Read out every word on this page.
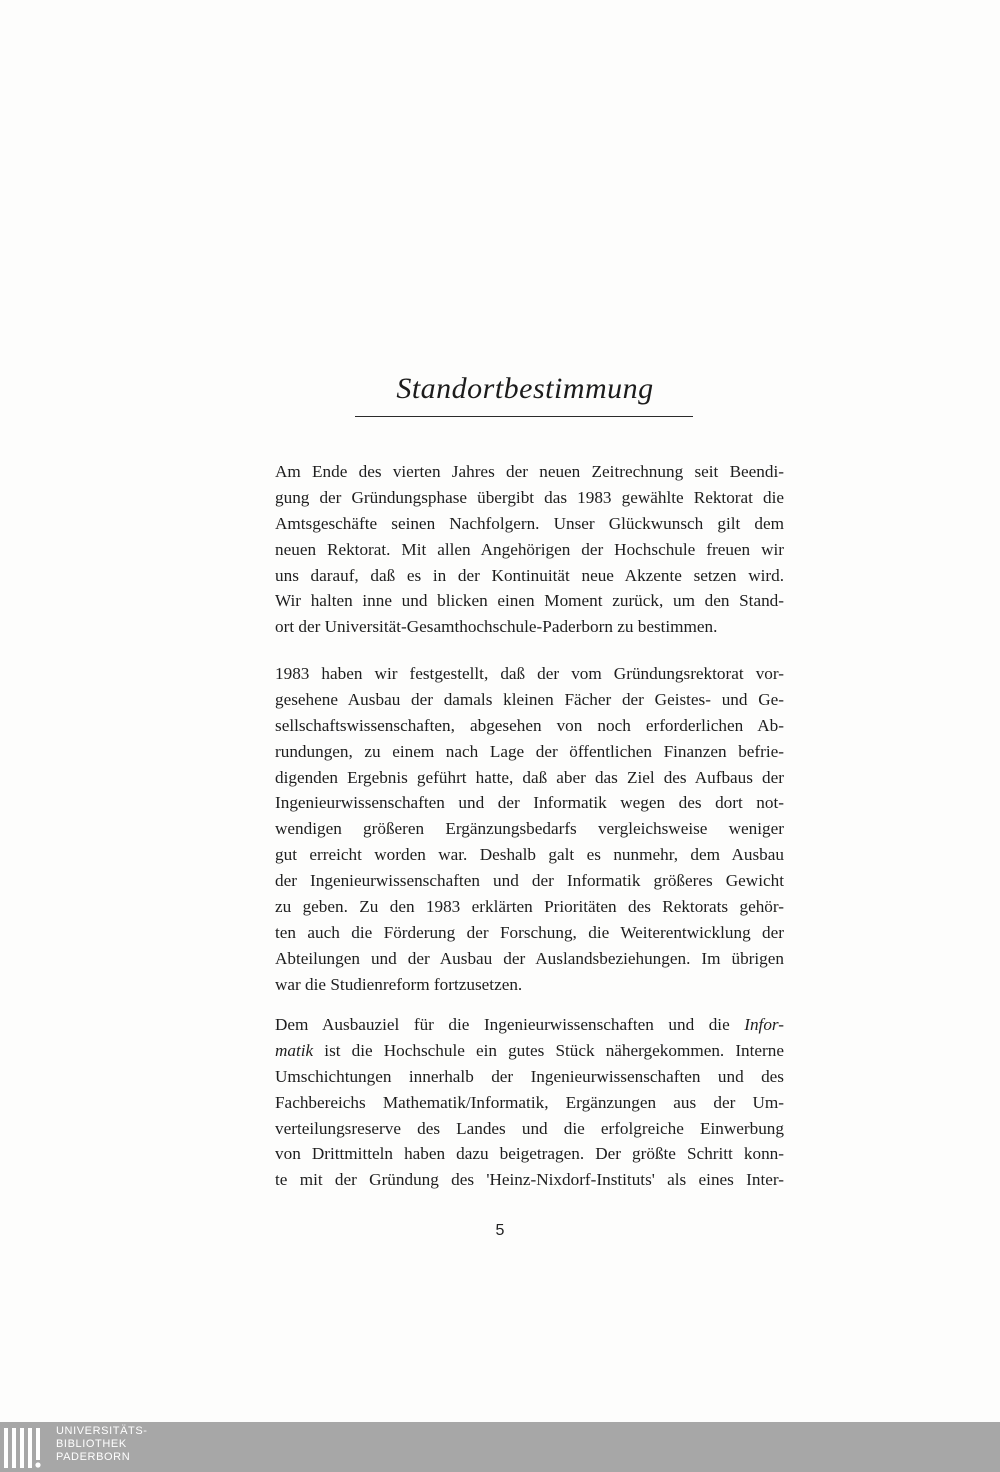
Standortbestimmung
Am Ende des vierten Jahres der neuen Zeitrechnung seit Beendi-
gung der Gründungsphase übergibt das 1983 gewählte Rektorat die
Amtsgeschäfte seinen Nachfolgern. Unser Glückwunsch gilt dem
neuen Rektorat. Mit allen Angehörigen der Hochschule freuen wir
uns darauf, daß es in der Kontinuität neue Akzente setzen wird.
Wir halten inne und blicken einen Moment zurück, um den Stand-
ort der Universität-Gesamthochschule-Paderborn zu bestimmen.
1983 haben wir festgestellt, daß der vom Gründungsrektorat vor-
gesehene Ausbau der damals kleinen Fächer der Geistes- und Ge-
sellschaftswissenschaften, abgesehen von noch erforderlichen Ab-
rundungen, zu einem nach Lage der öffentlichen Finanzen befrie-
digenden Ergebnis geführt hatte, daß aber das Ziel des Aufbaus der
Ingenieurwissenschaften und der Informatik wegen des dort not-
wendigen größeren Ergänzungsbedarfs vergleichsweise weniger
gut erreicht worden war. Deshalb galt es nunmehr, dem Ausbau
der Ingenieurwissenschaften und der Informatik größeres Gewicht
zu geben. Zu den 1983 erklärten Prioritäten des Rektorats gehör-
ten auch die Förderung der Forschung, die Weiterentwicklung der
Abteilungen und der Ausbau der Auslandsbeziehungen. Im übrigen
war die Studienreform fortzusetzen.
Dem Ausbauziel für die Ingenieurwissenschaften und die Infor-
matik ist die Hochschule ein gutes Stück nähergekommen. Interne
Umschichtungen innerhalb der Ingenieurwissenschaften und des
Fachbereichs Mathematik/Informatik, Ergänzungen aus der Um-
verteilungsreserve des Landes und die erfolgreiche Einwerbung
von Drittmitteln haben dazu beigetragen. Der größte Schritt konn-
te mit der Gründung des 'Heinz-Nixdorf-Instituts' als eines Inter-
5
UNIVERSITÄTS-
BIBLIOTHEK
PADERBORN
